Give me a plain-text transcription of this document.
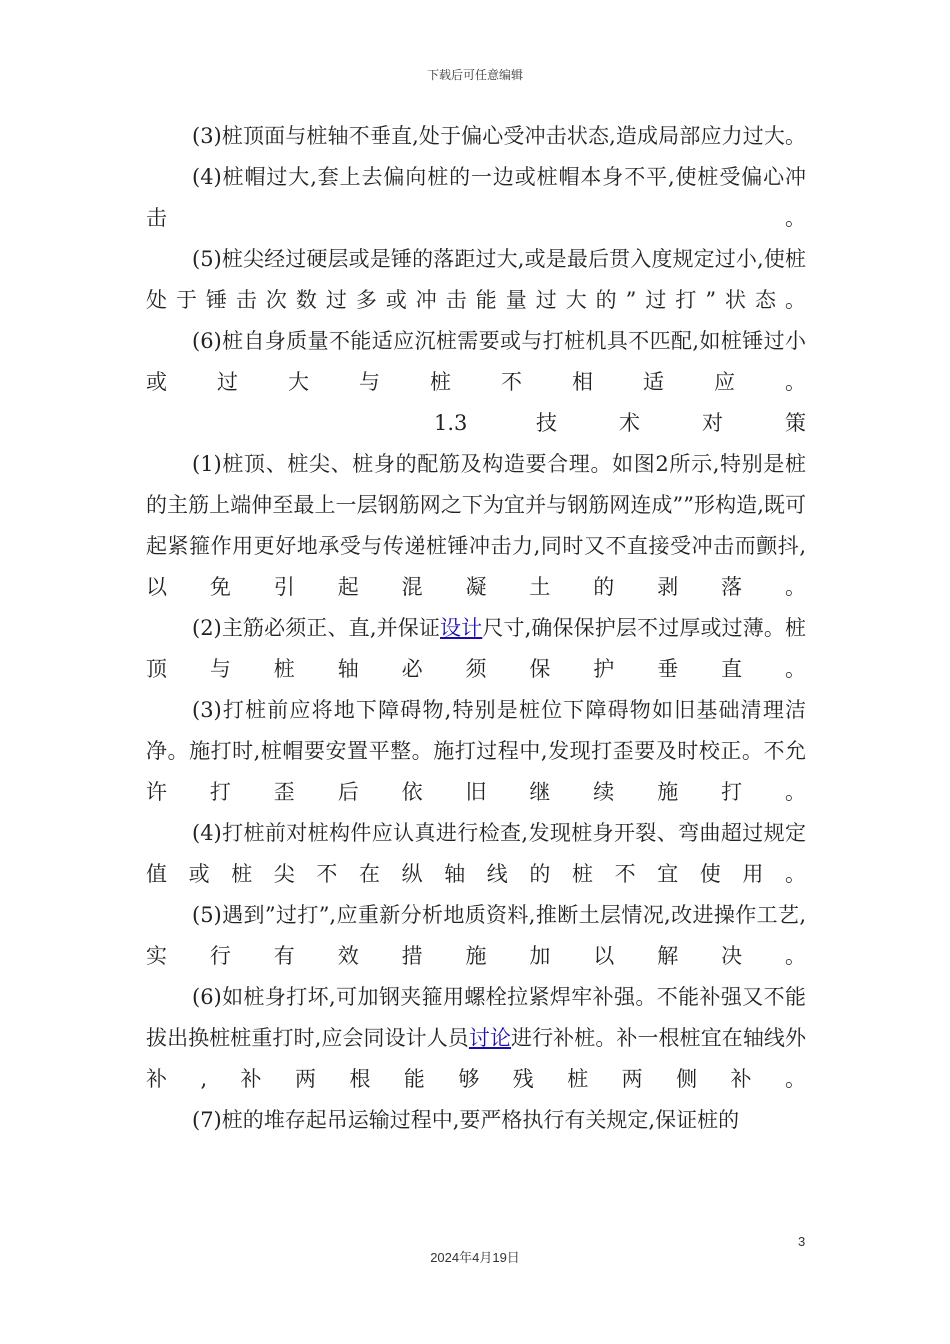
下载后可任意编辑

(3)桩顶面与桩轴不垂直,处于偏心受冲击状态,造成局部应力过大。

(4)桩帽过大,套上去偏向桩的一边或桩帽本身不平,使桩受偏心冲击。

(5)桩尖经过硬层或是锤的落距过大,或是最后贯入度规定过小,使桩处于锤击次数过多或冲击能量过大的”过打”状态。

(6)桩自身质量不能适应沉桩需要或与打桩机具不匹配,如桩锤过小或过大与桩不相适应。

1.3 技术对策

(1)桩顶、桩尖、桩身的配筋及构造要合理。如图2所示,特别是桩的主筋上端伸至最上一层钢筋网之下为宜并与钢筋网连成””形构造,既可起紧箍作用更好地承受与传递桩锤冲击力,同时又不直接受冲击而颤抖,以免引起混凝土的剥落。

(2)主筋必须正、直,并保证设计尺寸,确保保护层不过厚或过薄。桩顶与桩轴必须保护垂直。

(3)打桩前应将地下障碍物,特别是桩位下障碍物如旧基础清理洁净。施打时,桩帽要安置平整。施打过程中,发现打歪要及时校正。不允许打歪后依旧继续施打。

(4)打桩前对桩构件应认真进行检查,发现桩身开裂、弯曲超过规定值或桩尖不在纵轴线的桩不宜使用。

(5)遇到”过打”,应重新分析地质资料,推断土层情况,改进操作工艺,实行有效措施加以解决。

(6)如桩身打坏,可加钢夹箍用螺栓拉紧焊牢补强。不能补强又不能拔出换桩桩重打时,应会同设计人员讨论进行补桩。补一根桩宜在轴线外补,补两根能够残桩两侧补。

(7)桩的堆存起吊运输过程中,要严格执行有关规定,保证桩的

3
2024年4月19日
